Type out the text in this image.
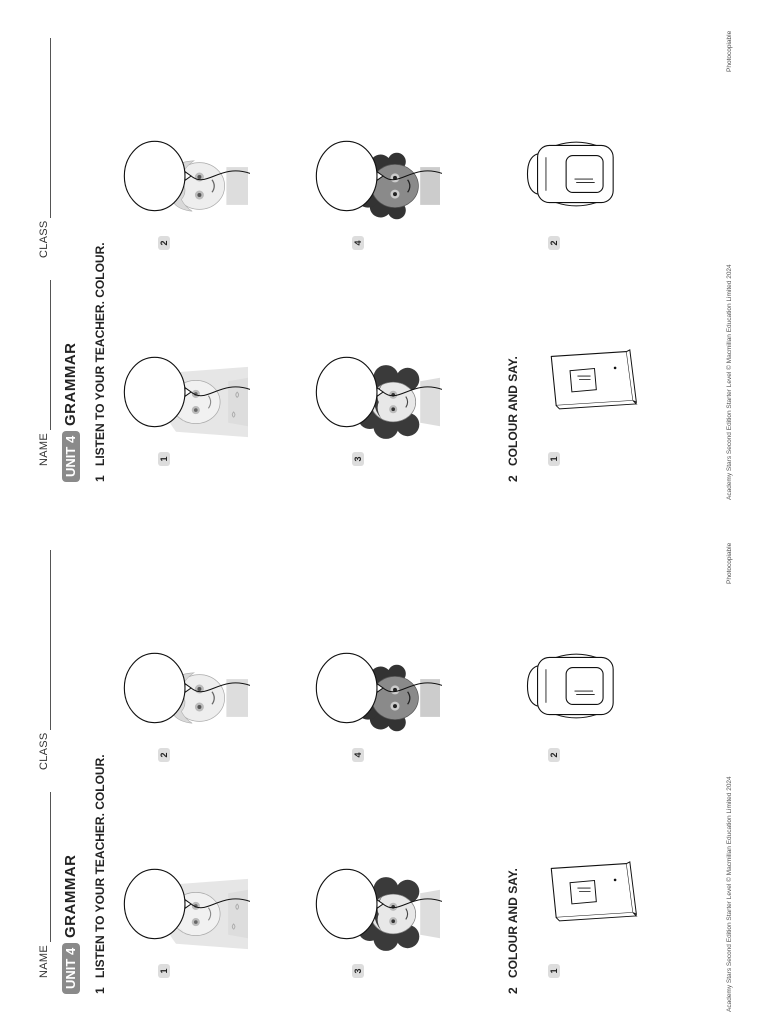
NAME
CLASS
UNIT 4
GRAMMAR
1
LISTEN TO YOUR TEACHER. COLOUR.	1
2
3
4
2
COLOUR AND SAY.	1
2
Academy Stars Second Edition Starter Level © Macmillan Education Limited 2024
Photocopiable
NAME
CLASS
UNIT 4
GRAMMAR
1
LISTEN TO YOUR TEACHER. COLOUR.	1
2
3
4
2
COLOUR AND SAY.	1
2
Academy Stars Second Edition Starter Level © Macmillan Education Limited 2024
Photocopiable
